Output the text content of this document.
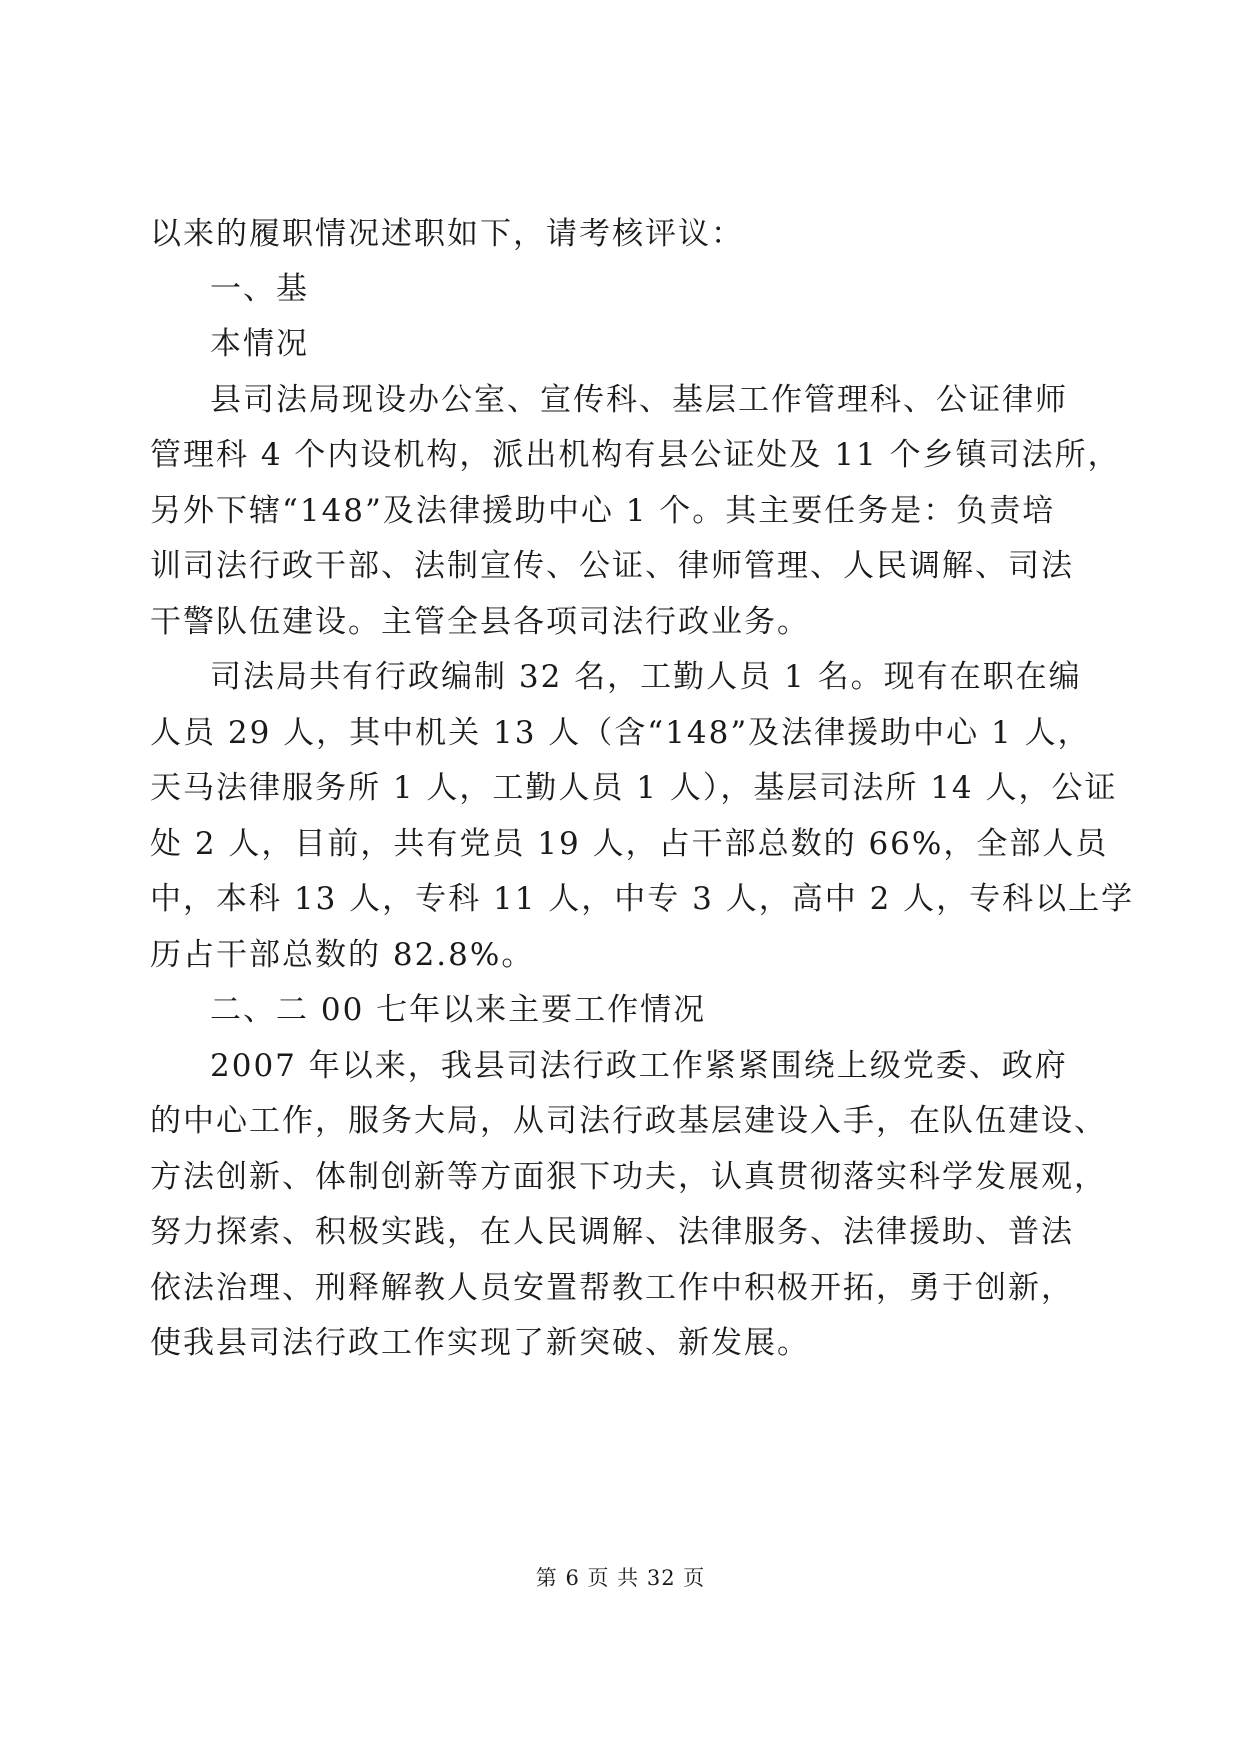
以来的履职情况述职如下，请考核评议：
一、基
本情况
县司法局现设办公室、宣传科、基层工作管理科、公证律师
管理科 4 个内设机构，派出机构有县公证处及 11 个乡镇司法所，
另外下辖“148”及法律援助中心 1 个。其主要任务是：负责培
训司法行政干部、法制宣传、公证、律师管理、人民调解、司法
干警队伍建设。主管全县各项司法行政业务。
司法局共有行政编制 32 名，工勤人员 1 名。现有在职在编
人员 29 人，其中机关 13 人（含“148”及法律援助中心 1 人，
天马法律服务所 1 人，工勤人员 1 人），基层司法所 14 人，公证
处 2 人，目前，共有党员 19 人，占干部总数的 66%，全部人员
中，本科 13 人，专科 11 人，中专 3 人，高中 2 人，专科以上学
历占干部总数的 82.8%。
二、二 00 七年以来主要工作情况
2007 年以来，我县司法行政工作紧紧围绕上级党委、政府
的中心工作，服务大局，从司法行政基层建设入手，在队伍建设、
方法创新、体制创新等方面狠下功夫，认真贯彻落实科学发展观，
努力探索、积极实践，在人民调解、法律服务、法律援助、普法
依法治理、刑释解教人员安置帮教工作中积极开拓，勇于创新，
使我县司法行政工作实现了新突破、新发展。
第 6 页 共 32 页
